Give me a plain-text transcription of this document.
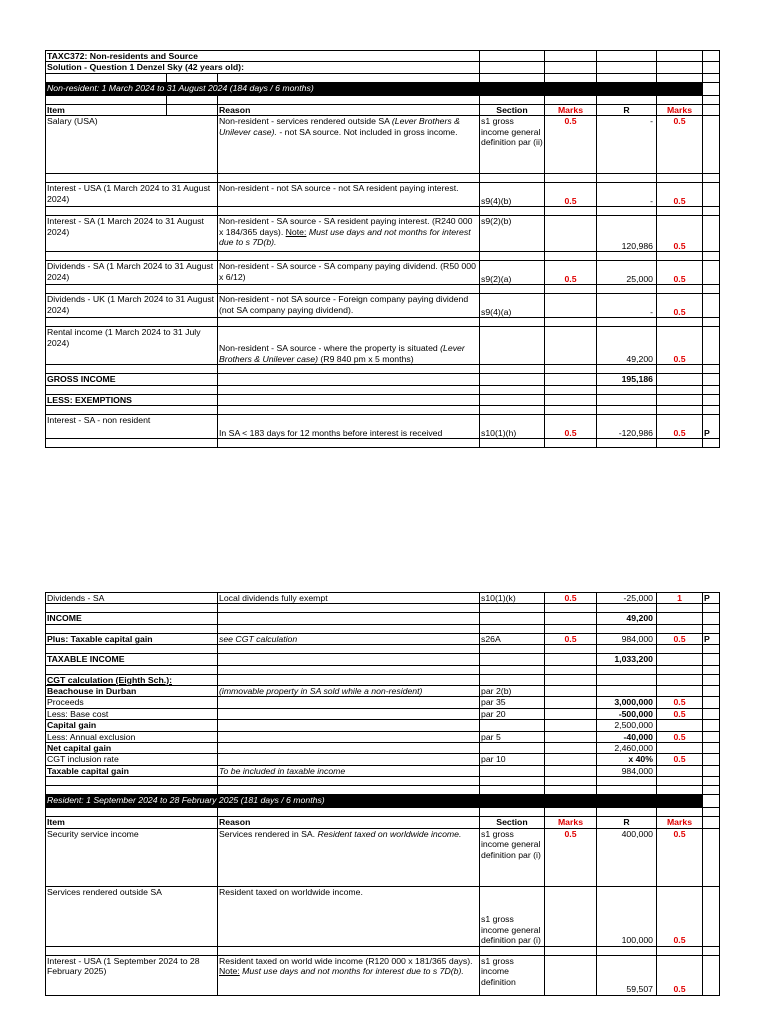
TAXC372: Non-residents and Source							
Solution - Question 1 Denzel Sky (42 years old):							

Non-resident: 1 March 2024 to 31 August 2024 (184 days / 6 months)							

Item		Reason	Section	Marks	R	Marks	
Salary (USA)		Non-resident - services rendered outside SA (Lever Brothers & Unilever case). - not SA source. Not included in gross income.	s1 gross income general definition par (ii)	0.5	-	0.5	

Interest - USA (1 March 2024 to 31 August 2024)		Non-resident - not SA source - not SA resident paying interest.	s9(4)(b)	0.5	-	0.5	

Interest - SA (1 March 2024 to 31 August 2024)		Non-resident - SA source - SA resident paying interest. (R240 000 x 184/365 days). Note: Must use days and not months for interest due to s 7D(b).	s9(2)(b)		120,986	0.5	

Dividends - SA (1 March 2024 to 31 August 2024)		Non-resident - SA source - SA company paying dividend. (R50 000 x 6/12)	s9(2)(a)	0.5	25,000	0.5	

Dividends - UK (1 March 2024 to 31 August 2024)		Non-resident - not SA source - Foreign company paying dividend (not SA company paying dividend).	s9(4)(a)		-	0.5	

Rental income (1 March 2024 to 31 July 2024)		Non-resident - SA source - where the property is situated (Lever Brothers & Unilever case) (R9 840 pm x 5 months)			49,200	0.5	

GROSS INCOME					195,186		

LESS: EXEMPTIONS							

Interest - SA - non resident		In SA < 183 days for 12 months before interest is received	s10(1)(h)	0.5	-120,986	0.5	P

Dividends - SA	Local dividends fully exempt	s10(1)(k)	0.5	-25,000	1	P

INCOME				49,200		

Plus: Taxable capital gain	see CGT calculation	s26A	0.5	984,000	0.5	P

TAXABLE INCOME				1,033,200		

CGT calculation (Eighth Sch.):						
Beachouse in Durban	(immovable property in SA sold while a non-resident)	par 2(b)				
Proceeds		par 35		3,000,000	0.5	
Less: Base cost		par 20		-500,000	0.5	
Capital gain				2,500,000		
Less: Annual exclusion		par 5		-40,000	0.5	
Net capital gain				2,460,000		
CGT inclusion rate		par 10		x 40%	0.5	
Taxable capital gain	To be included in taxable income			984,000		

Resident: 1 September 2024 to 28 February 2025 (181 days / 6 months)						

Item	Reason	Section	Marks	R	Marks	
Security service income	Services rendered in SA. Resident taxed on worldwide income.	s1 gross income general definition par (i)	0.5	400,000	0.5	
Services rendered outside SA	Resident taxed on worldwide income.	s1 gross income general definition par (i)		100,000	0.5	

Interest - USA (1 September 2024 to 28 February 2025)	Resident taxed on world wide income (R120 000 x 181/365 days). Note: Must use days and not months for interest due to s 7D(b).	s1 gross income definition		59,507	0.5	
